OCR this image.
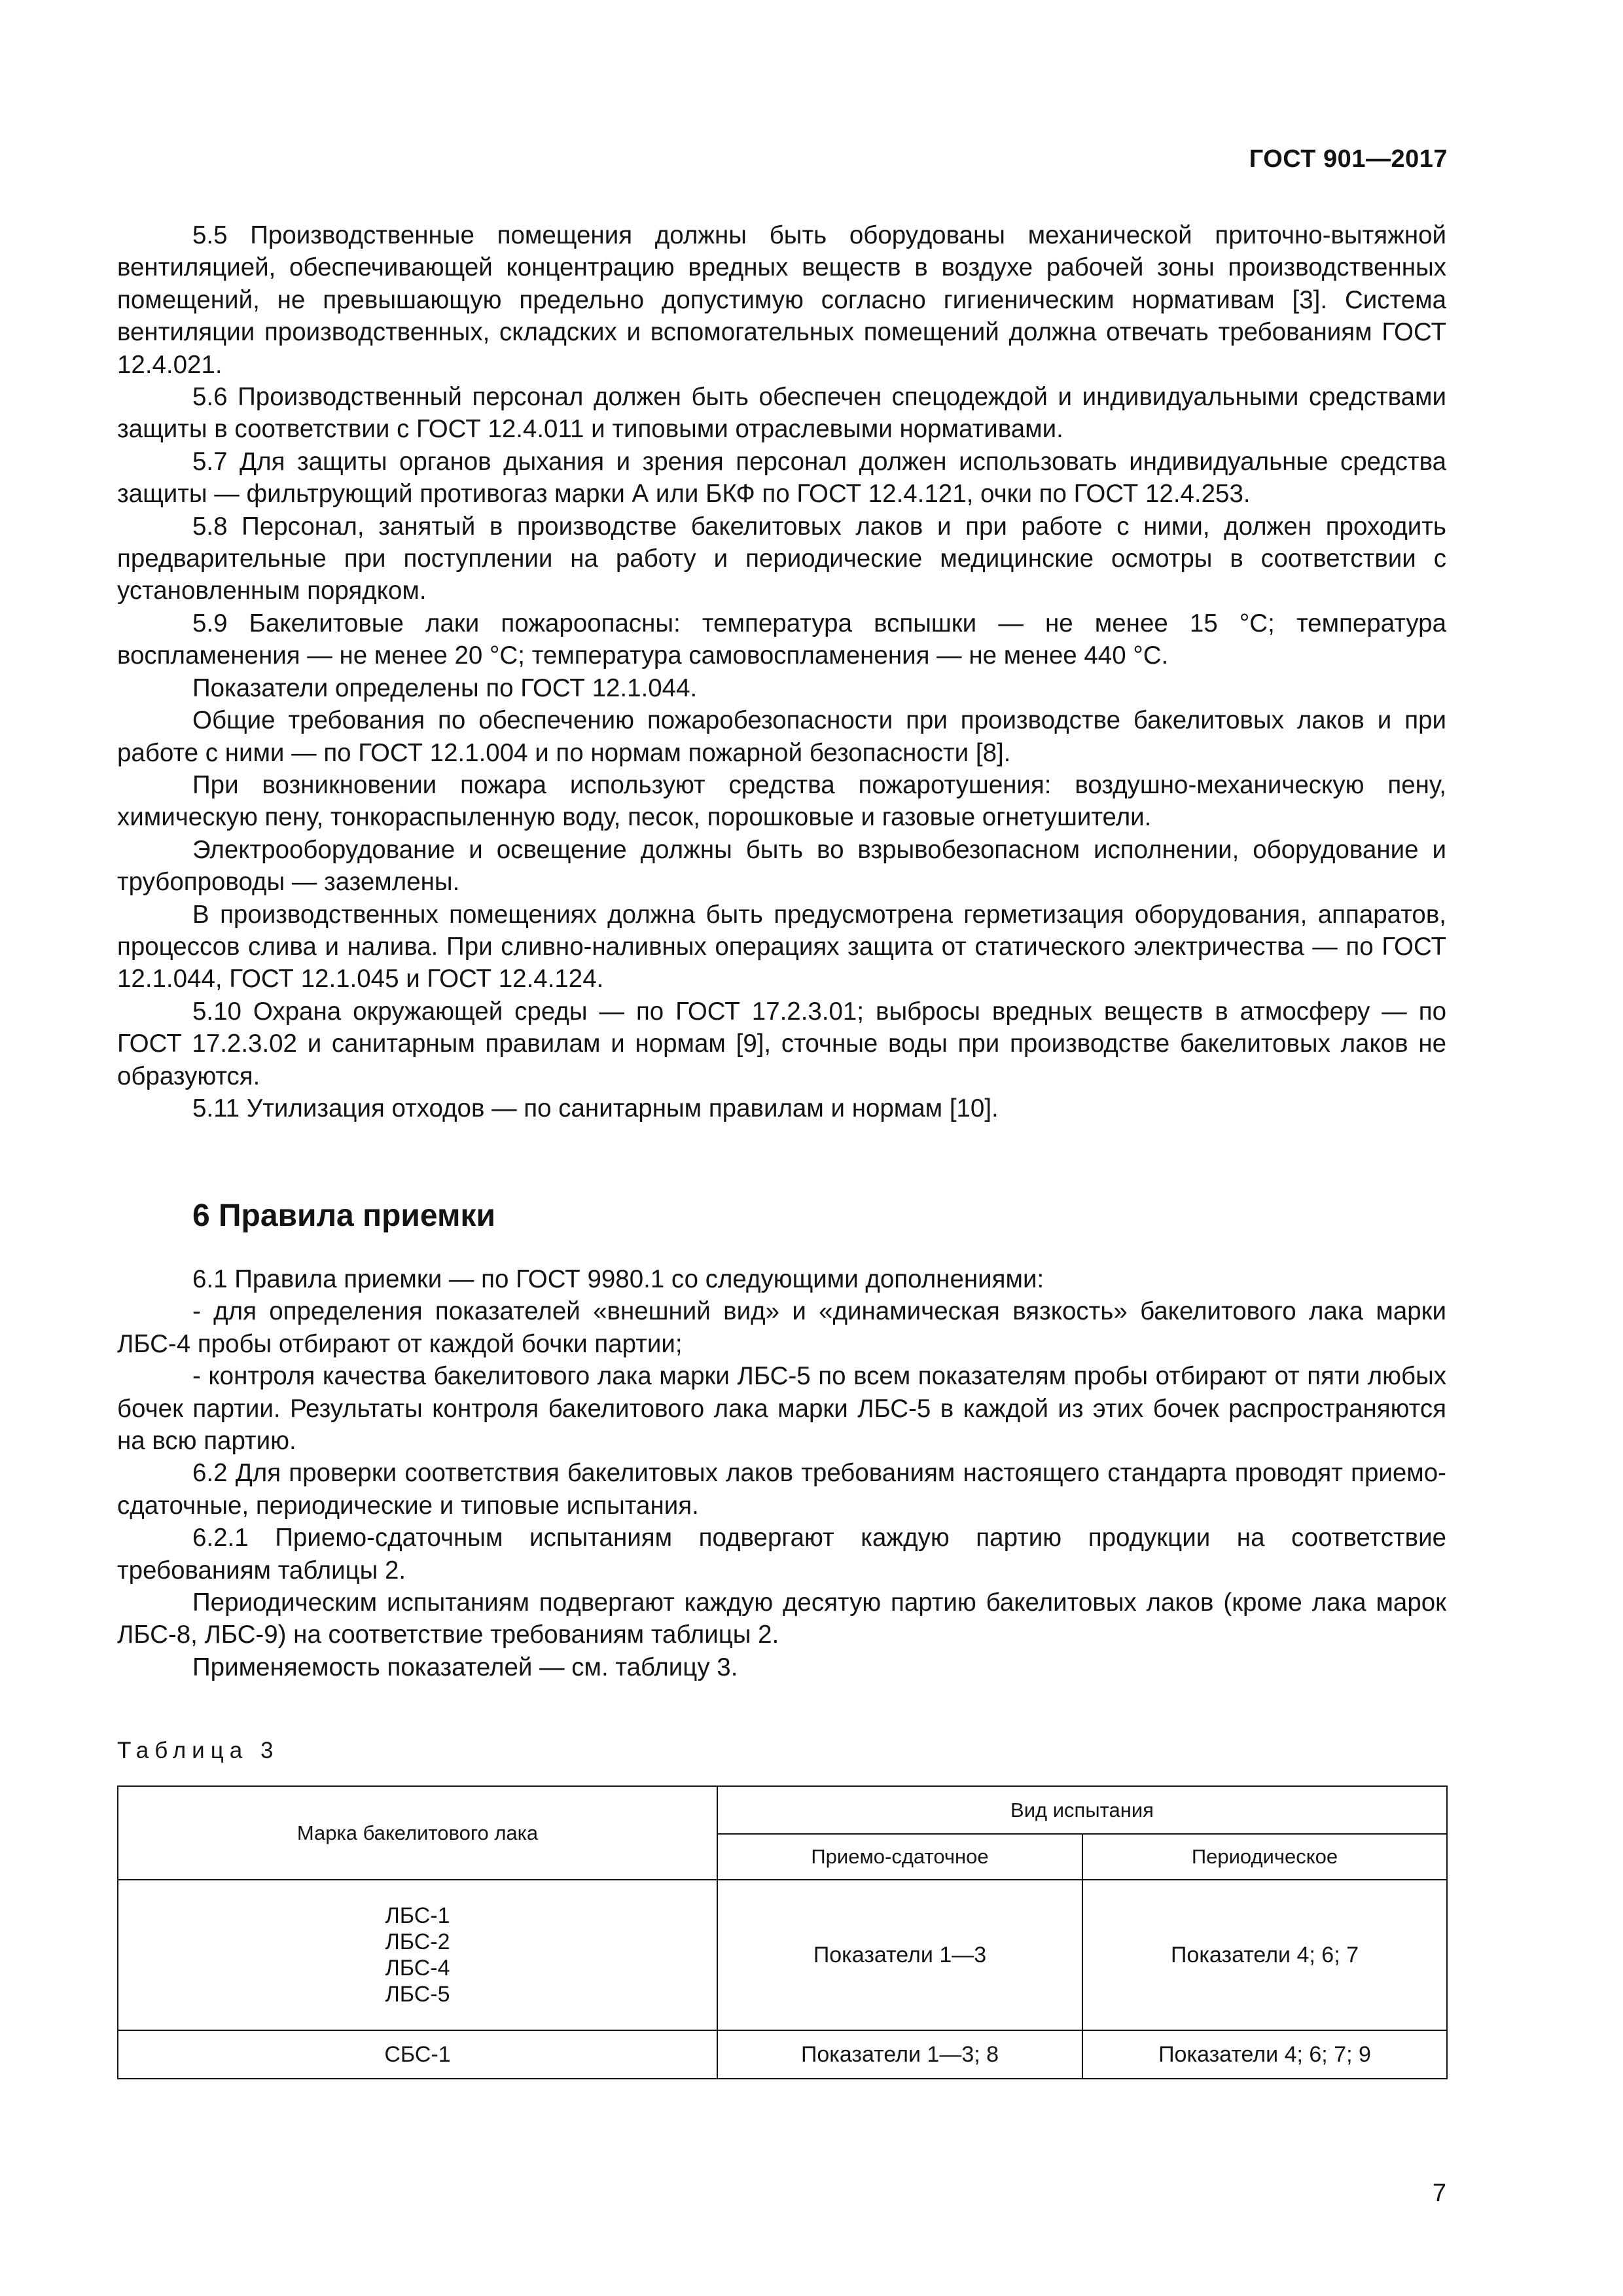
ГОСТ 901—2017

5.5 Производственные помещения должны быть оборудованы механической приточно-вытяжной вентиляцией, обеспечивающей концентрацию вредных веществ в воздухе рабочей зоны производственных помещений, не превышающую предельно допустимую согласно гигиеническим нормативам [3]. Система вентиляции производственных, складских и вспомогательных помещений должна отвечать требованиям ГОСТ 12.4.021.

5.6 Производственный персонал должен быть обеспечен спецодеждой и индивидуальными средствами защиты в соответствии с ГОСТ 12.4.011 и типовыми отраслевыми нормативами.

5.7 Для защиты органов дыхания и зрения персонал должен использовать индивидуальные средства защиты — фильтрующий противогаз марки А или БКФ по ГОСТ 12.4.121, очки по ГОСТ 12.4.253.

5.8 Персонал, занятый в производстве бакелитовых лаков и при работе с ними, должен проходить предварительные при поступлении на работу и периодические медицинские осмотры в соответствии с установленным порядком.

5.9 Бакелитовые лаки пожароопасны: температура вспышки — не менее 15 °С; температура воспламенения — не менее 20 °С; температура самовоспламенения — не менее 440 °С.

Показатели определены по ГОСТ 12.1.044.

Общие требования по обеспечению пожаробезопасности при производстве бакелитовых лаков и при работе с ними — по ГОСТ 12.1.004 и по нормам пожарной безопасности [8].

При возникновении пожара используют средства пожаротушения: воздушно-механическую пену, химическую пену, тонкораспыленную воду, песок, порошковые и газовые огнетушители.

Электрооборудование и освещение должны быть во взрывобезопасном исполнении, оборудование и трубопроводы — заземлены.

В производственных помещениях должна быть предусмотрена герметизация оборудования, аппаратов, процессов слива и налива. При сливно-наливных операциях защита от статического электричества — по ГОСТ 12.1.044, ГОСТ 12.1.045 и ГОСТ 12.4.124.

5.10 Охрана окружающей среды — по ГОСТ 17.2.3.01; выбросы вредных веществ в атмосферу — по ГОСТ 17.2.3.02 и санитарным правилам и нормам [9], сточные воды при производстве бакелитовых лаков не образуются.

5.11 Утилизация отходов — по санитарным правилам и нормам [10].

6 Правила приемки

6.1 Правила приемки — по ГОСТ 9980.1 со следующими дополнениями:

- для определения показателей «внешний вид» и «динамическая вязкость» бакелитового лака марки ЛБС-4 пробы отбирают от каждой бочки партии;

- контроля качества бакелитового лака марки ЛБС-5 по всем показателям пробы отбирают от пяти любых бочек партии. Результаты контроля бакелитового лака марки ЛБС-5 в каждой из этих бочек распространяются на всю партию.

6.2 Для проверки соответствия бакелитовых лаков требованиям настоящего стандарта проводят приемо-сдаточные, периодические и типовые испытания.

6.2.1 Приемо-сдаточным испытаниям подвергают каждую партию продукции на соответствие требованиям таблицы 2.

Периодическим испытаниям подвергают каждую десятую партию бакелитовых лаков (кроме лака марок ЛБС-8, ЛБС-9) на соответствие требованиям таблицы 2.

Применяемость показателей — см. таблицу 3.

Таблица 3
Марка бакелитового лака	Вид испытания	
	Приемо-сдаточное	Периодическое

ЛБС-1
ЛБС-2
ЛБС-4
ЛБС-5	Показатели 1—3	Показатели 4; 6; 7
СБС-1	Показатели 1—3; 8	Показатели 4; 6; 7; 9
7
